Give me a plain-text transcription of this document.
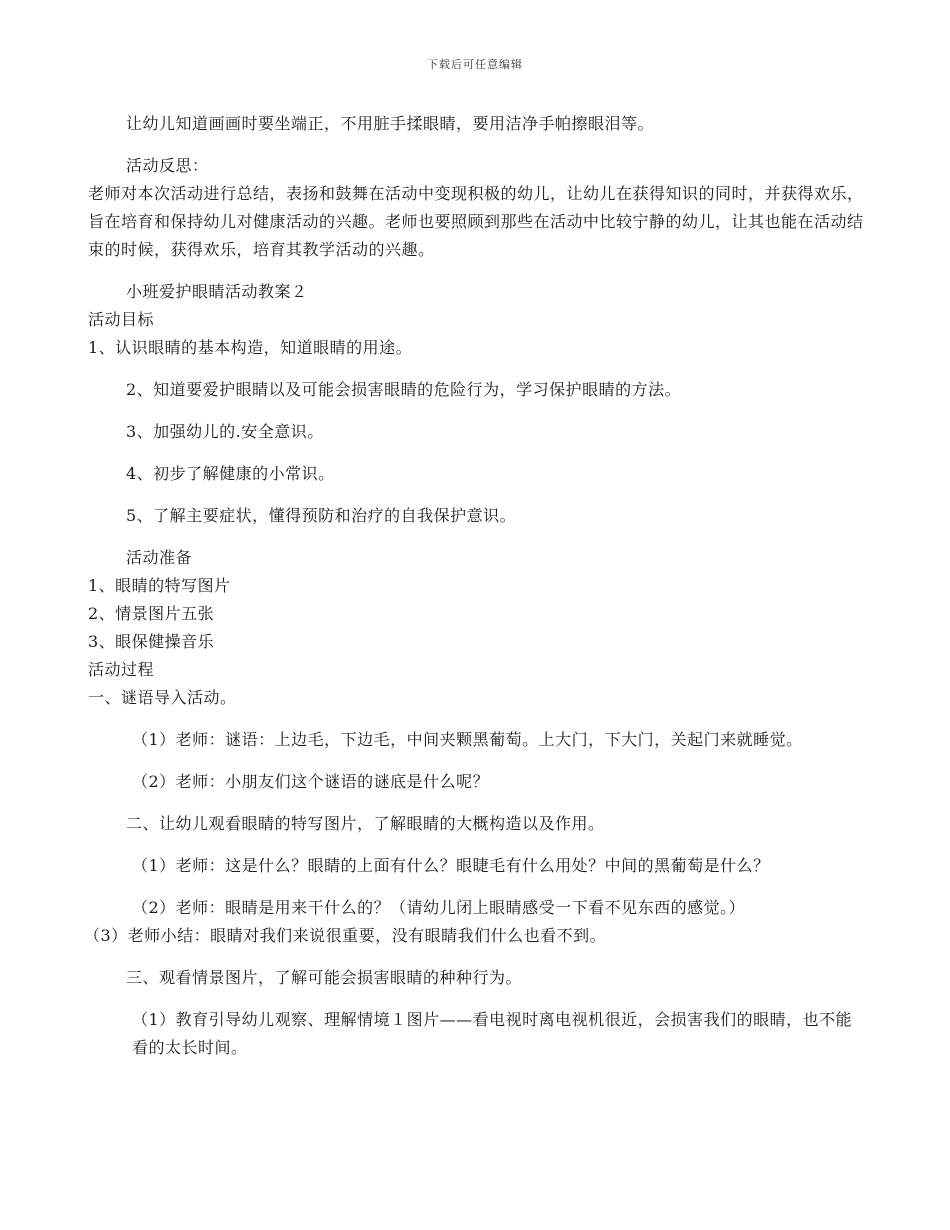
下载后可任意编辑
让幼儿知道画画时要坐端正，不用脏手揉眼睛，要用洁净手帕擦眼泪等。
活动反思：
老师对本次活动进行总结，表扬和鼓舞在活动中变现积极的幼儿，让幼儿在获得知识的同时，并获得欢乐，旨在培育和保持幼儿对健康活动的兴趣。老师也要照顾到那些在活动中比较宁静的幼儿，让其也能在活动结束的时候，获得欢乐，培育其教学活动的兴趣。
小班爱护眼睛活动教案２
活动目标
1、认识眼睛的基本构造，知道眼睛的用途。
2、知道要爱护眼睛以及可能会损害眼睛的危险行为，学习保护眼睛的方法。
3、加强幼儿的.安全意识。
4、初步了解健康的小常识。
5、了解主要症状，懂得预防和治疗的自我保护意识。
活动准备
1、眼睛的特写图片
2、情景图片五张
3、眼保健操音乐
活动过程
一、谜语导入活动。
（1）老师：谜语：上边毛，下边毛，中间夹颗黑葡萄。上大门，下大门，关起门来就睡觉。
（2）老师：小朋友们这个谜语的谜底是什么呢？
二、让幼儿观看眼睛的特写图片，了解眼睛的大概构造以及作用。
（1）老师：这是什么？眼睛的上面有什么？眼睫毛有什么用处？中间的黑葡萄是什么？
（2）老师：眼睛是用来干什么的？（请幼儿闭上眼睛感受一下看不见东西的感觉。）
（3）老师小结：眼睛对我们来说很重要，没有眼睛我们什么也看不到。
三、观看情景图片，了解可能会损害眼睛的种种行为。
（1）教育引导幼儿观察、理解情境１图片——看电视时离电视机很近，会损害我们的眼睛，也不能看的太长时间。
